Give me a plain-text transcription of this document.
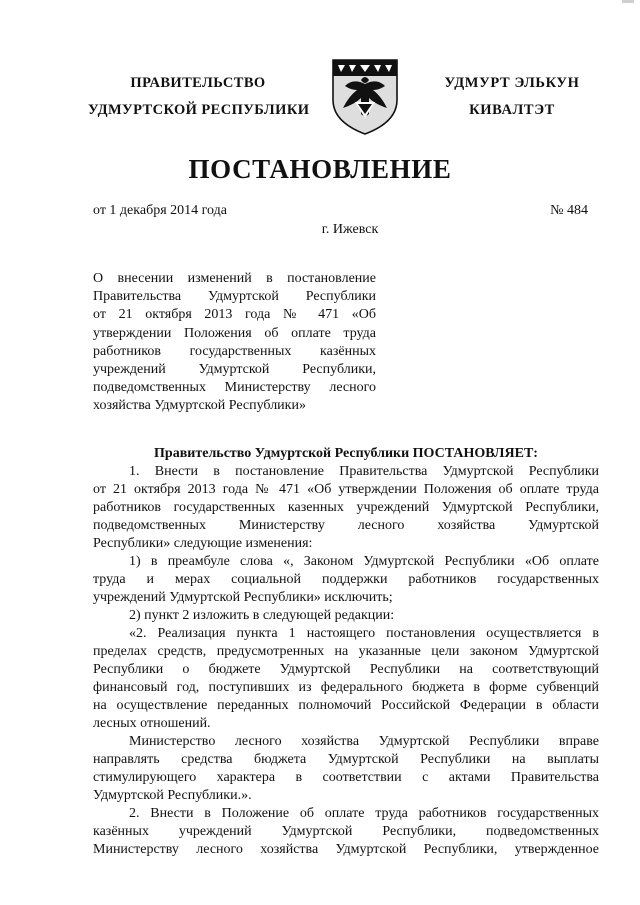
ПРАВИТЕЛЬСТВО
УДМУРТСКОЙ РЕСПУБЛИКИ
УДМУРТ ЭЛЬКУН
КИВАЛТЭТ
ПОСТАНОВЛЕНИЕ
от 1 декабря 2014 года	№ 484
г. Ижевск
О внесении изменений в постановление
Правительства Удмуртской Республики
от 21 октября 2013 года № 471 «Об
утверждении Положения об оплате труда
работников государственных казённых
учреждений Удмуртской Республики,
подведомственных Министерству лесного
хозяйства Удмуртской Республики»
Правительство Удмуртской Республики ПОСТАНОВЛЯЕТ:
1. Внести в постановление Правительства Удмуртской Республики
от 21 октября 2013 года № 471 «Об утверждении Положения об оплате труда
работников государственных казенных учреждений Удмуртской Республики,
подведомственных Министерству лесного хозяйства Удмуртской
Республики» следующие изменения:
1) в преамбуле слова «, Законом Удмуртской Республики «Об оплате
труда и мерах социальной поддержки работников государственных
учреждений Удмуртской Республики» исключить;
2) пункт 2 изложить в следующей редакции:
«2. Реализация пункта 1 настоящего постановления осуществляется в
пределах средств, предусмотренных на указанные цели законом Удмуртской
Республики о бюджете Удмуртской Республики на соответствующий
финансовый год, поступивших из федерального бюджета в форме субвенций
на осуществление переданных полномочий Российской Федерации в области
лесных отношений.
Министерство лесного хозяйства Удмуртской Республики вправе
направлять средства бюджета Удмуртской Республики на выплаты
стимулирующего характера в соответствии с актами Правительства
Удмуртской Республики.».
2. Внести в Положение об оплате труда работников государственных
казённых учреждений Удмуртской Республики, подведомственных
Министерству лесного хозяйства Удмуртской Республики, утвержденное
